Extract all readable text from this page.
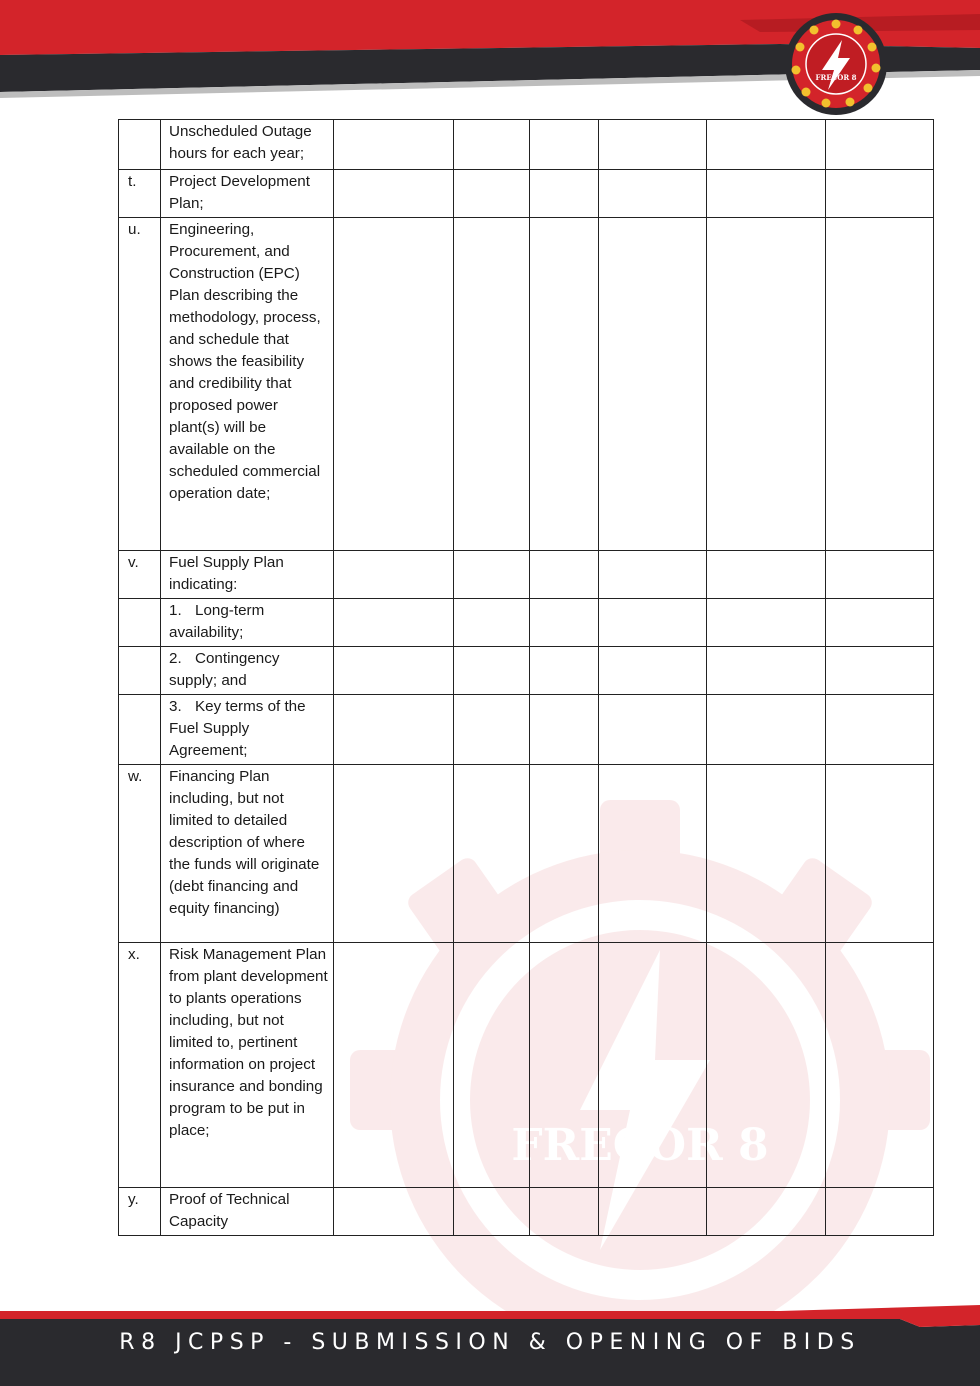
FRECOR 8
FRECOR 8
	Unscheduled Outage hours for each year;						
t.	Project Development Plan;						
u.	Engineering, Procurement, and Construction (EPC) Plan describing the methodology, process, and schedule that shows the feasibility and credibility that proposed power plant(s) will be available on the scheduled commercial operation date;						
v.	Fuel Supply Plan indicating:						
	1. Long-term availability;						
	2. Contingency supply; and						
	3. Key terms of the Fuel Supply Agreement;						
w.	Financing Plan including, but not limited to detailed description of where the funds will originate (debt financing and equity financing)						
x.	Risk Management Plan from plant development to plants operations including, but not limited to, pertinent information on project insurance and bonding program to be put in place;						
y.	Proof of Technical Capacity						
R8 JCPSP - SUBMISSION & OPENING OF BIDS
